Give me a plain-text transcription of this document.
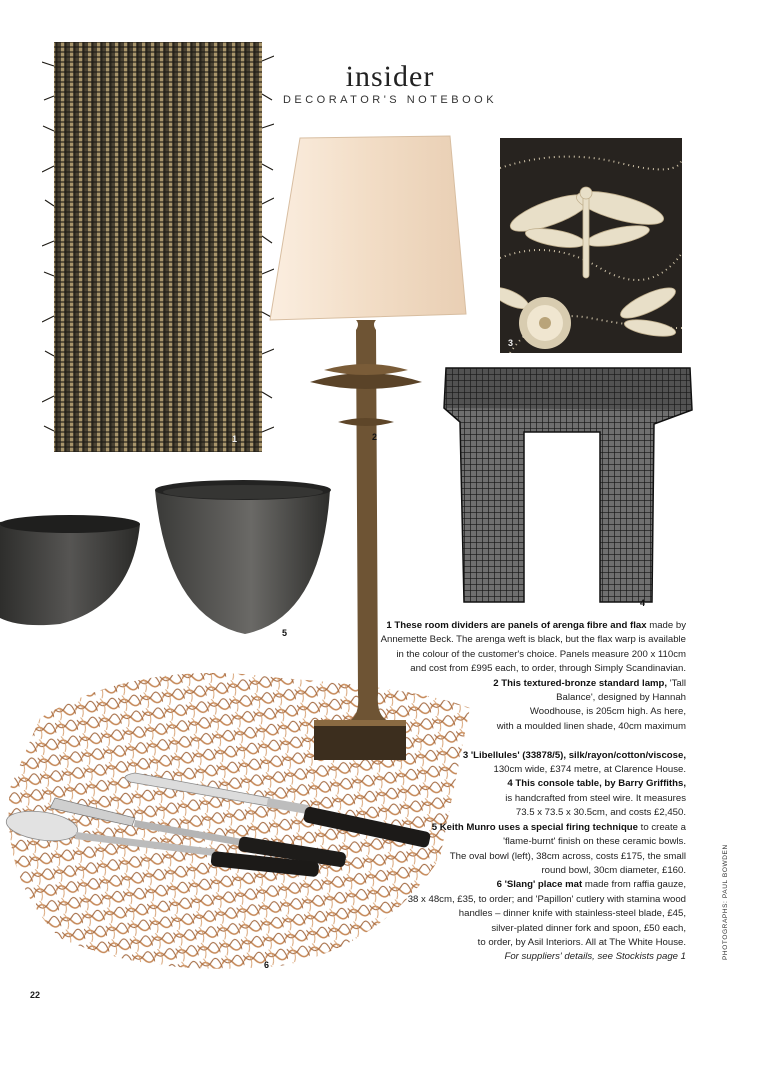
insider
DECORATOR'S NOTEBOOK
1
3
4
5
6
2

1 These room dividers are panels of arenga fibre and flax made by

Annemette Beck. The arenga weft is black, but the flax warp is available

in the colour of the customer's choice. Panels measure 200 x 110cm

and cost from £995 each, to order, through Simply Scandinavian.

2 This textured-bronze standard lamp, 'Tall

Balance', designed by Hannah

Woodhouse, is 205cm high. As here,

with a moulded linen shade, 40cm maximum

3 'Libellules' (33878/5), silk/rayon/cotton/viscose,

130cm wide, £374 metre, at Clarence House.

4 This console table, by Barry Griffiths,

is handcrafted from steel wire. It measures

73.5 x 73.5 x 30.5cm, and costs £2,450.

5 Keith Munro uses a special firing technique to create a

'flame-burnt' finish on these ceramic bowls.

The oval bowl (left), 38cm across, costs £175, the small

round bowl, 30cm diameter, £160.

6 'Slang' place mat made from raffia gauze,

38 x 48cm, £35, to order; and 'Papillon' cutlery with stamina wood

handles – dinner knife with stainless-steel blade, £45,

silver-plated dinner fork and spoon, £50 each,

to order, by Asil Interiors. All at The White House.

For suppliers' details, see Stockists page 1	PHOTOGRAPHS: PAUL BOWDEN
22
